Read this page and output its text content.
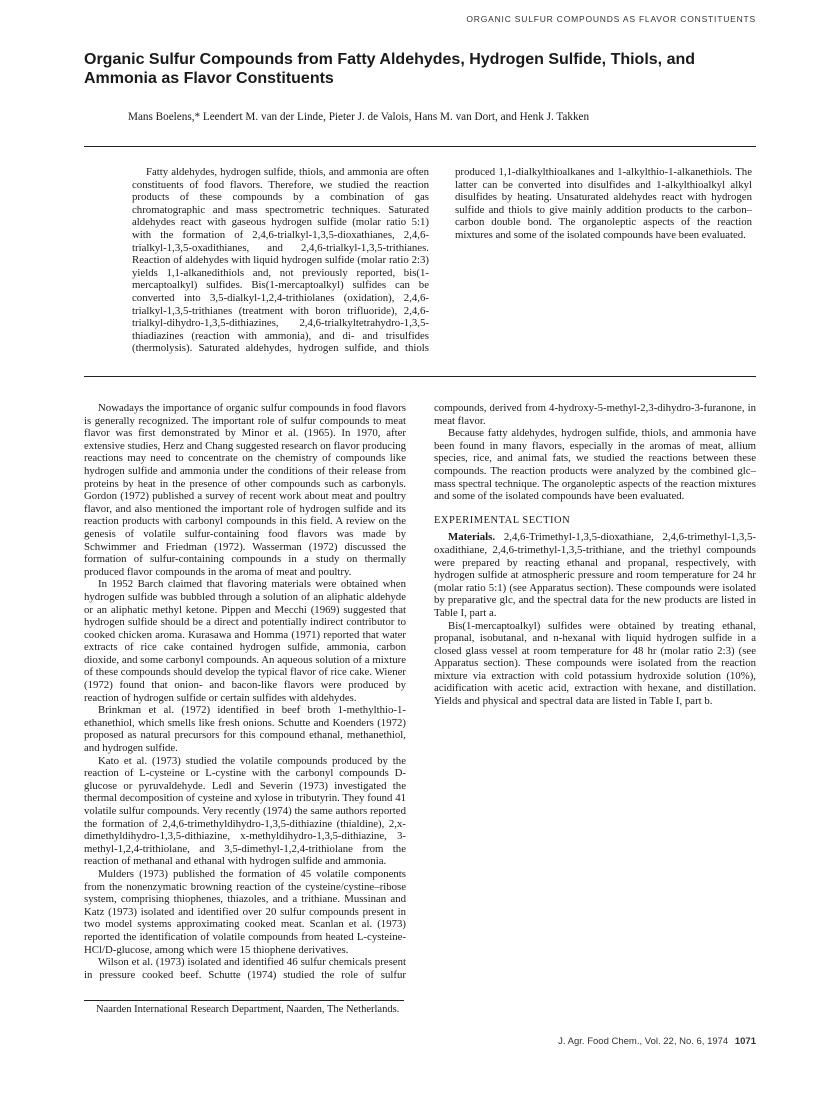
ORGANIC SULFUR COMPOUNDS AS FLAVOR CONSTITUENTS
Organic Sulfur Compounds from Fatty Aldehydes, Hydrogen Sulfide, Thiols, and Ammonia as Flavor Constituents
Mans Boelens,* Leendert M. van der Linde, Pieter J. de Valois, Hans M. van Dort, and Henk J. Takken

Fatty aldehydes, hydrogen sulfide, thiols, and ammonia are often constituents of food flavors. Therefore, we studied the reaction products of these compounds by a combination of gas chromatographic and mass spectrometric techniques. Saturated aldehydes react with gaseous hydrogen sulfide (molar ratio 5:1) with the formation of 2,4,6-trialkyl-1,3,5-dioxathianes, 2,4,6-trialkyl-1,3,5-oxadithianes, and 2,4,6-trialkyl-1,3,5-trithianes. Reaction of aldehydes with liquid hydrogen sulfide (molar ratio 2:3) yields 1,1-alkanedithiols and, not previously reported, bis(1-mercaptoalkyl) sulfides. Bis(1-mercaptoalkyl) sulfides can be converted into 3,5-dialkyl-1,2,4-trithiolanes (oxidation), 2,4,6-trialkyl-1,3,5-trithianes (treatment with boron trifluoride), 2,4,6-trialkyl-dihydro-1,3,5-dithiazines, 2,4,6-trialkyltetrahydro-1,3,5-thiadiazines (reaction with ammonia), and di- and trisulfides (thermolysis). Saturated aldehydes, hydrogen sulfide, and thiols produced 1,1-dialkylthioalkanes and 1-alkylthio-1-alkanethiols. The latter can be converted into disulfides and 1-alkylthioalkyl alkyl disulfides by heating. Unsaturated aldehydes react with hydrogen sulfide and thiols to give mainly addition products to the carbon–carbon double bond. The organoleptic aspects of the reaction mixtures and some of the isolated compounds have been evaluated.

Nowadays the importance of organic sulfur compounds in food flavors is generally recognized. The important role of sulfur compounds to meat flavor was first demonstrated by Minor et al. (1965). In 1970, after extensive studies, Herz and Chang suggested research on flavor producing reactions may need to concentrate on the chemistry of compounds like hydrogen sulfide and ammonia under the conditions of their release from proteins by heat in the presence of other compounds such as carbonyls. Gordon (1972) published a survey of recent work about meat and poultry flavor, and also mentioned the important role of hydrogen sulfide and its reaction products with carbonyl compounds in this field. A review on the genesis of volatile sulfur-containing food flavors was made by Schwimmer and Friedman (1972). Wasserman (1972) discussed the formation of sulfur-containing compounds in a study on thermally produced flavor compounds in the aroma of meat and poultry.

In 1952 Barch claimed that flavoring materials were obtained when hydrogen sulfide was bubbled through a solution of an aliphatic aldehyde or an aliphatic methyl ketone. Pippen and Mecchi (1969) suggested that hydrogen sulfide should be a direct and potentially indirect contributor to cooked chicken aroma. Kurasawa and Homma (1971) reported that water extracts of rice cake contained hydrogen sulfide, ammonia, carbon dioxide, and some carbonyl compounds. An aqueous solution of a mixture of these compounds should develop the typical flavor of rice cake. Wiener (1972) found that onion- and bacon-like flavors were produced by reaction of hydrogen sulfide or certain sulfides with aldehydes.

Brinkman et al. (1972) identified in beef broth 1-methylthio-1-ethanethiol, which smells like fresh onions. Schutte and Koenders (1972) proposed as natural precursors for this compound ethanal, methanethiol, and hydrogen sulfide.

Kato et al. (1973) studied the volatile compounds produced by the reaction of L-cysteine or L-cystine with the carbonyl compounds D-glucose or pyruvaldehyde. Ledl and Severin (1973) investigated the thermal decomposition of cysteine and xylose in tributyrin. They found 41 volatile sulfur compounds. Very recently (1974) the same authors reported the formation of 2,4,6-trimethyldihydro-1,3,5-dithiazine (thialdine), 2,x-dimethyldihydro-1,3,5-dithiazine, x-methyldihydro-1,3,5-dithiazine, 3-methyl-1,2,4-trithiolane, and 3,5-dimethyl-1,2,4-trithiolane from the reaction of methanal and ethanal with hydrogen sulfide and ammonia.

Mulders (1973) published the formation of 45 volatile components from the nonenzymatic browning reaction of the cysteine/cystine–ribose system, comprising thiophenes, thiazoles, and a trithiane. Mussinan and Katz (1973) isolated and identified over 20 sulfur compounds present in two model systems approximating cooked meat. Scanlan et al. (1973) reported the identification of volatile compounds from heated L-cysteine-HCl/D-glucose, among which were 15 thiophene derivatives.

Wilson et al. (1973) isolated and identified 46 sulfur chemicals present in pressure cooked beef. Schutte (1974) studied the role of sulfur compounds, derived from 4-hydroxy-5-methyl-2,3-dihydro-3-furanone, in meat flavor.

Because fatty aldehydes, hydrogen sulfide, thiols, and ammonia have been found in many flavors, especially in the aromas of meat, allium species, rice, and animal fats, we studied the reactions between these compounds. The reaction products were analyzed by the combined glc–mass spectral technique. The organoleptic aspects of the reaction mixtures and some of the isolated compounds have been evaluated.

EXPERIMENTAL SECTION

Materials. 2,4,6-Trimethyl-1,3,5-dioxathiane, 2,4,6-trimethyl-1,3,5-oxadithiane, 2,4,6-trimethyl-1,3,5-trithiane, and the triethyl compounds were prepared by reacting ethanal and propanal, respectively, with hydrogen sulfide at atmospheric pressure and room temperature for 24 hr (molar ratio 5:1) (see Apparatus section). These compounds were isolated by preparative glc, and the spectral data for the new products are listed in Table I, part a.

Bis(1-mercaptoalkyl) sulfides were obtained by treating ethanal, propanal, isobutanal, and n-hexanal with liquid hydrogen sulfide in a closed glass vessel at room temperature for 48 hr (molar ratio 2:3) (see Apparatus section). These compounds were isolated from the reaction mixture via extraction with cold potassium hydroxide solution (10%), acidification with acetic acid, extraction with hexane, and distillation. Yields and physical and spectral data are listed in Table I, part b.

Naarden International Research Department, Naarden, The Netherlands.

J. Agr. Food Chem., Vol. 22, No. 6, 1974 1071
